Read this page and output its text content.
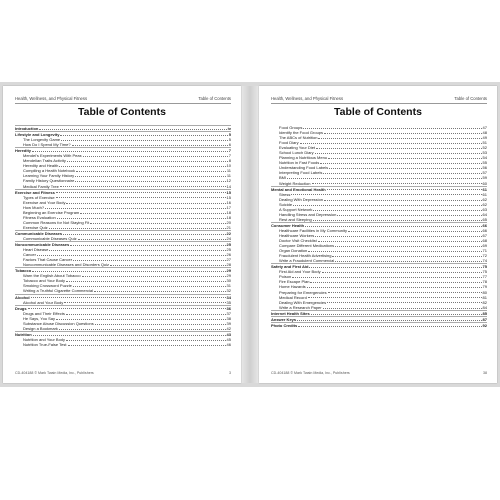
Health, Wellness, and Physical Fitness	Table of Contents
Table of Contents
Introduction	iv
Lifestyle and Longevity	5
The Longevity Game	5
How Do I Spend My Time?	6
Heredity	7
Mendel's Experiments With Peas	7
Mendelian Traits Activity	8
Heredity and Health	10
Compiling a Health Notebook	11
Learning Your Family History	11
Family History Questionnaire	12
Medical Family Tree	14
Exercise and Fitness	15
Types of Exercise	15
Exercise and Your Body	16
How Much?	17
Beginning an Exercise Program	18
Fitness Evaluation	18
Common Reasons for Not Staying Fit	20
Exercise Quiz	21
Communicable Diseases	22
Communicable Diseases Quiz	24
Noncommunicable Diseases	25
Heart Disease	25
Cancer	26
Factors That Cause Cancer	27
Noncommunicable Diseases and Disorders Quiz	28
Tobacco	29
Warn the English About Tobacco	29
Tobacco and Your Body	30
Smoking Crossword Puzzle	31
Writing a Truthful Cigarette Commercial	32
Alcohol	34
Alcohol and Your Body	35
Drugs	36
Drugs and Their Effects	37
He Says, You Say	38
Substance Abuse Discussion Questions	39
Design a Bookmark	42
Nutrition	43
Nutrition and Your Body	45
Nutrition True-False Test	46
CD-404188 © Mark Twain Media, Inc., Publishers	3
Health, Wellness, and Physical Fitness	Table of Contents
Table of Contents
Food Groups	47
Identify the Food Groups	48
The ABCs of Nutrition	49
Food Diary	51
Evaluating Your Diet	52
School Lunch Diary	53
Planning a Nutritious Menu	54
Nutrition in Fast Foods	55
Understanding Food Labels	56
Interpreting Food Labels	57
BMI	59
Weight Reduction	60
Mental and Emotional Health	61
Stress	61
Dealing With Depression	62
Suicide	62
A Support Network	63
Handling Stress and Depression	64
Rest and Sleeping	65
Consumer Health	66
Healthcare Facilities in My Community	66
Healthcare Workers	67
Doctor Visit Checklist	68
Compare Different Medications	69
Organ Donation	71
Fraudulent Health Advertising	72
Write a Fraudulent Commercial	74
Safety and First Aid	75
First Aid and Your Body	75
Poison	77
Fire Escape Plan	78
Home Hazards	79
Preparing for Emergencies	80
Medical Record	81
Dealing With Emergencies	82
Write a Research Paper	84
Internet Health Sites	85
Answer Keys	87
Photo Credits	92
CD-404188 © Mark Twain Media, Inc., Publishers	38
